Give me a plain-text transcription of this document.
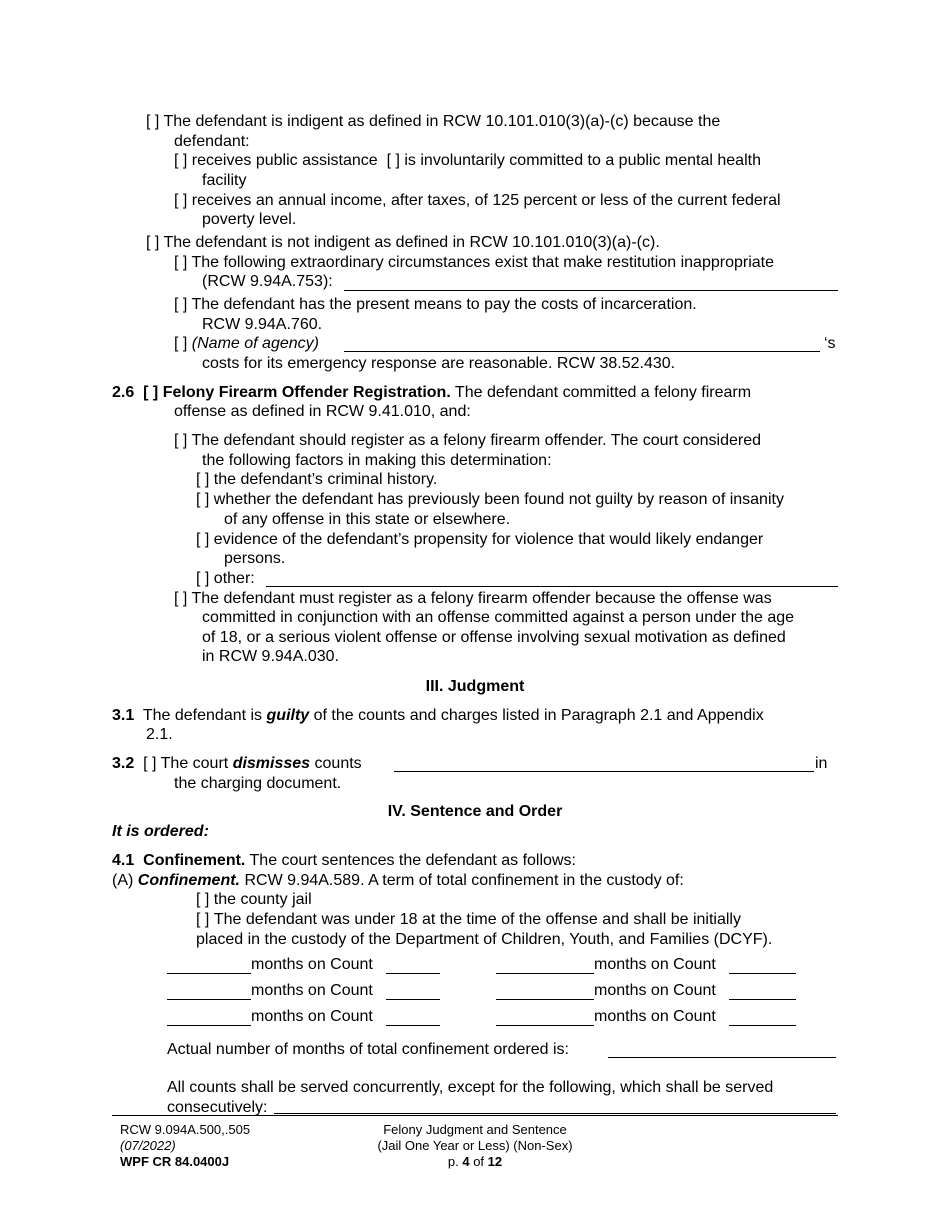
[ ] The defendant is indigent as defined in RCW 10.101.010(3)(a)-(c) because the
defendant:
[ ] receives public assistance [ ] is involuntarily committed to a public mental health
facility
[ ] receives an annual income, after taxes, of 125 percent or less of the current federal
poverty level.
[ ] The defendant is not indigent as defined in RCW 10.101.010(3)(a)-(c).
[ ] The following extraordinary circumstances exist that make restitution inappropriate
(RCW 9.94A.753):
[ ] The defendant has the present means to pay the costs of incarceration.
RCW 9.94A.760.
[ ] (Name of agency)	‘s
costs for its emergency response are reasonable. RCW 38.52.430.
2.6 [ ] Felony Firearm Offender Registration. The defendant committed a felony firearm
offense as defined in RCW 9.41.010, and:
[ ] The defendant should register as a felony firearm offender. The court considered
the following factors in making this determination:
[ ] the defendant’s criminal history.
[ ] whether the defendant has previously been found not guilty by reason of insanity
of any offense in this state or elsewhere.
[ ] evidence of the defendant’s propensity for violence that would likely endanger
persons.
[ ] other:
[ ] The defendant must register as a felony firearm offender because the offense was
committed in conjunction with an offense committed against a person under the age
of 18, or a serious violent offense or offense involving sexual motivation as defined
in RCW 9.94A.030.
III. Judgment
3.1 The defendant is guilty of the counts and charges listed in Paragraph 2.1 and Appendix
2.1.
3.2 [ ] The court dismisses counts	in
the charging document.
IV. Sentence and Order
It is ordered:
4.1 Confinement. The court sentences the defendant as follows:
(A) Confinement. RCW 9.94A.589. A term of total confinement in the custody of:
[ ] the county jail
[ ] The defendant was under 18 at the time of the offense and shall be initially
placed in the custody of the Department of Children, Youth, and Families (DCYF).
months on Count	months on Count
months on Count	months on Count
months on Count	months on Count
Actual number of months of total confinement ordered is:
All counts shall be served concurrently, except for the following, which shall be served
consecutively:
RCW 9.094A.500,.505
(07/2022)
WPF CR 84.0400J
Felony Judgment and Sentence
(Jail One Year or Less) (Non-Sex)
p. 4 of 12
